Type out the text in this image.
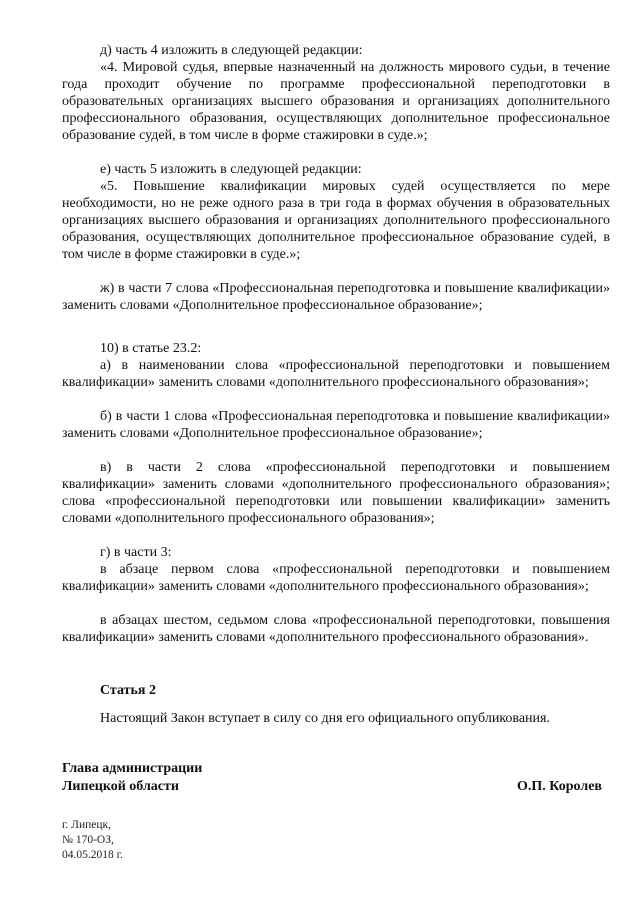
д) часть 4 изложить в следующей редакции:

«4. Мировой судья, впервые назначенный на должность мирового судьи, в течение года проходит обучение по программе профессиональной переподготовки в образовательных организациях высшего образования и организациях дополнительного профессионального образования, осуществляющих дополнительное профессиональное образование судей, в том числе в форме стажировки в суде.»;

е) часть 5 изложить в следующей редакции:

«5. Повышение квалификации мировых судей осуществляется по мере необходимости, но не реже одного раза в три года в формах обучения в образовательных организациях высшего образования и организациях дополнительного профессионального образования, осуществляющих дополнительное профессиональное образование судей, в том числе в форме стажировки в суде.»;

ж) в части 7 слова «Профессиональная переподготовка и повышение квалификации» заменить словами «Дополнительное профессиональное образование»;

10) в статье 23.2:

а) в наименовании слова «профессиональной переподготовки и повышением квалификации» заменить словами «дополнительного профессионального образования»;

б) в части 1 слова «Профессиональная переподготовка и повышение квалификации» заменить словами «Дополнительное профессиональное образование»;

в) в части 2 слова «профессиональной переподготовки и повышением квалификации» заменить словами «дополнительного профессионального образования»; слова «профессиональной переподготовки или повышении квалификации» заменить словами «дополнительного профессионального образования»;

г) в части 3:

в абзаце первом слова «профессиональной переподготовки и повышением квалификации» заменить словами «дополнительного профессионального образования»;

в абзацах шестом, седьмом слова «профессиональной переподготовки, повышения квалификации» заменить словами «дополнительного профессионального образования».

Статья 2

Настоящий Закон вступает в силу со дня его официального опубликования.

Глава администрации
Липецкой области	О.П. Королев
г. Липецк,
№ 170-ОЗ,
04.05.2018 г.
